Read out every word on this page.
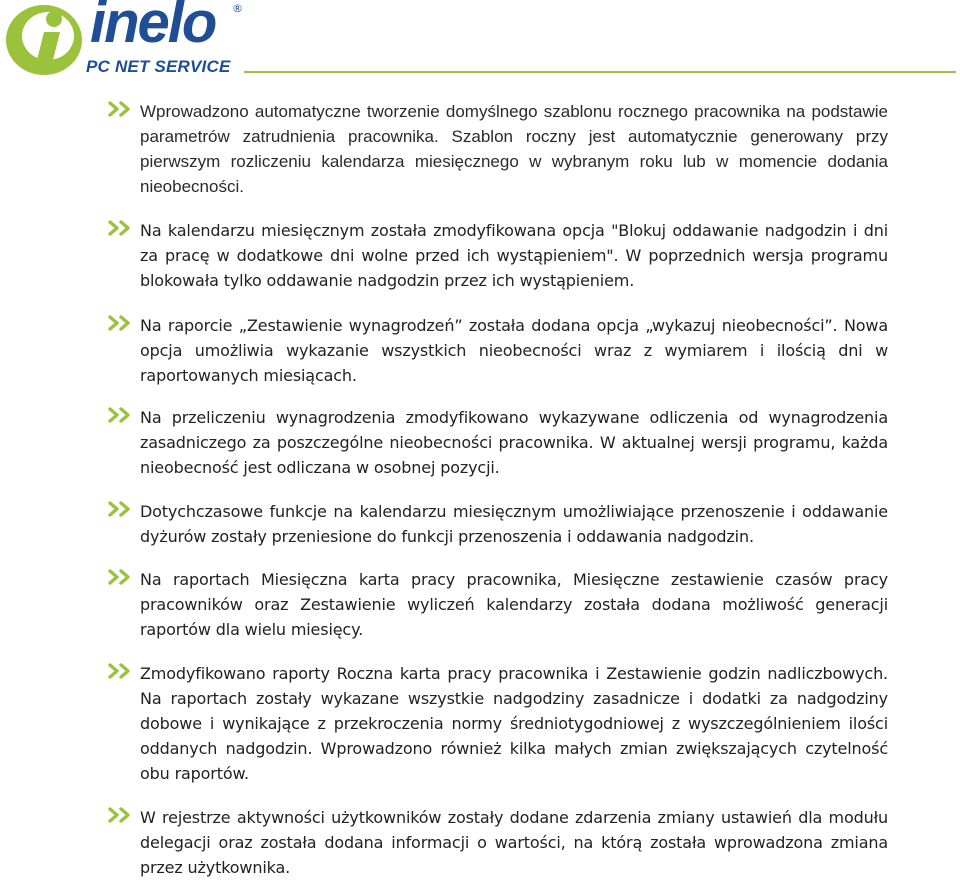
inelo ®
PC NET SERVICE
Wprowadzono automatyczne tworzenie domyślnego szablonu rocznego pracownika na podstawie parametrów zatrudnienia pracownika. Szablon roczny jest automatycznie generowany przy pierwszym rozliczeniu kalendarza miesięcznego w wybranym roku lub w momencie dodania nieobecności.
Na kalendarzu miesięcznym została zmodyfikowana opcja "Blokuj oddawanie nadgodzin i dni za pracę w dodatkowe dni wolne przed ich wystąpieniem". W poprzednich wersja programu blokowała tylko oddawanie nadgodzin przez ich wystąpieniem.
Na raporcie „Zestawienie wynagrodzeń” została dodana opcja „wykazuj nieobecności”. Nowa opcja umożliwia wykazanie wszystkich nieobecności wraz z wymiarem i ilością dni w raportowanych miesiącach.
Na przeliczeniu wynagrodzenia zmodyfikowano wykazywane odliczenia od wynagrodzenia zasadniczego za poszczególne nieobecności pracownika. W aktualnej wersji programu, każda nieobecność jest odliczana w osobnej pozycji.
Dotychczasowe funkcje na kalendarzu miesięcznym umożliwiające przenoszenie i oddawanie dyżurów zostały przeniesione do funkcji przenoszenia i oddawania nadgodzin.
Na raportach Miesięczna karta pracy pracownika, Miesięczne zestawienie czasów pracy pracowników oraz Zestawienie wyliczeń kalendarzy została dodana możliwość generacji raportów dla wielu miesięcy.
Zmodyfikowano raporty Roczna karta pracy pracownika i Zestawienie godzin nadliczbowych. Na raportach zostały wykazane wszystkie nadgodziny zasadnicze i dodatki za nadgodziny dobowe i wynikające z przekroczenia normy średniotygodniowej z wyszczególnieniem ilości oddanych nadgodzin. Wprowadzono również kilka małych zmian zwiększających czytelność obu raportów.
W rejestrze aktywności użytkowników zostały dodane zdarzenia zmiany ustawień dla modułu delegacji oraz została dodana informacji o wartości, na którą została wprowadzona zmiana przez użytkownika.
